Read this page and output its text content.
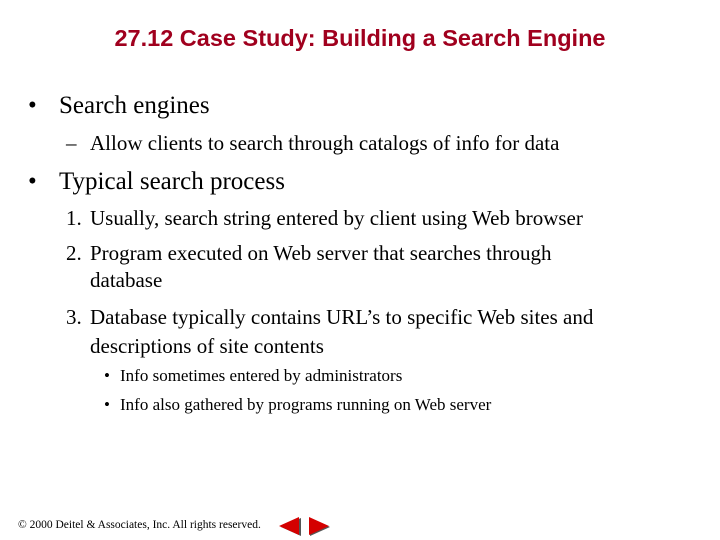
27.12 Case Study: Building a Search Engine
• Search engines
– Allow clients to search through catalogs of info for data
• Typical search process
1. Usually, search string entered by client using Web browser
2. Program executed on Web server that searches through
database
3. Database typically contains URL’s to specific Web sites and
descriptions of site contents
• Info sometimes entered by administrators
• Info also gathered by programs running on Web server
© 2000 Deitel & Associates, Inc. All rights reserved.
